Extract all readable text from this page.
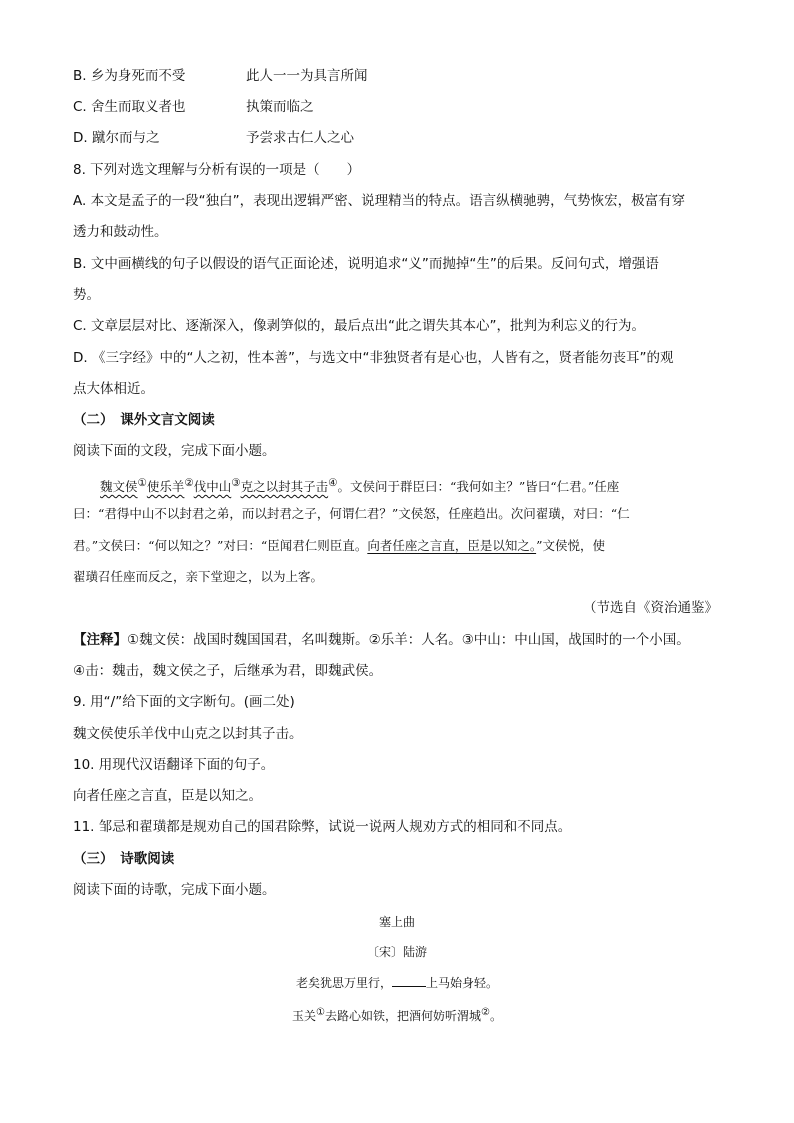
B. 乡为身死而不受	此人一一为具言所闻
C. 舍生而取义者也	执策而临之
D. 蹴尔而与之	予尝求古仁人之心
8. 下列对选文理解与分析有误的一项是（　　）
A. 本文是孟子的一段“独白”，表现出逻辑严密、说理精当的特点。语言纵横驰骋，气势恢宏，极富有穿
透力和鼓动性。
B. 文中画横线的句子以假设的语气正面论述，说明追求“义”而抛掉“生”的后果。反问句式，增强语
势。
C. 文章层层对比、逐渐深入，像剥笋似的，最后点出“此之谓失其本心”，批判为利忘义的行为。
D. 《三字经》中的“人之初，性本善”，与选文中“非独贤者有是心也，人皆有之，贤者能勿丧耳”的观
点大体相近。
（二）　课外文言文阅读
阅读下面的文段，完成下面小题。
魏文侯①使乐羊②伐中山③克之以封其子击④。文侯问于群臣曰：“我何如主？”皆曰“仁君。”任座
曰：“君得中山不以封君之弟，而以封君之子，何谓仁君？”文侯怒，任座趋出。次问翟璜，对曰：“仁
君。”文侯曰：“何以知之？”对曰：“臣闻君仁则臣直。向者任座之言直，臣是以知之。”文侯悦，使
翟璜召任座而反之，亲下堂迎之，以为上客。
（节选自《资治通鉴》
【注释】①魏文侯：战国时魏国国君，名叫魏斯。②乐羊：人名。③中山：中山国，战国时的一个小国。
④击：魏击，魏文侯之子，后继承为君，即魏武侯。
9. 用“/”给下面的文字断句。(画二处)
魏文侯使乐羊伐中山克之以封其子击。
10. 用现代汉语翻译下面的句子。
向者任座之言直，臣是以知之。
11. 邹忌和翟璜都是规劝自己的国君除弊，试说一说两人规劝方式的相同和不同点。
（三）　诗歌阅读
阅读下面的诗歌，完成下面小题。
塞上曲
〔宋〕陆游
老矣犹思万里行，	上马始身轻。
玉关①去路心如铁，把酒何妨听渭城②。
